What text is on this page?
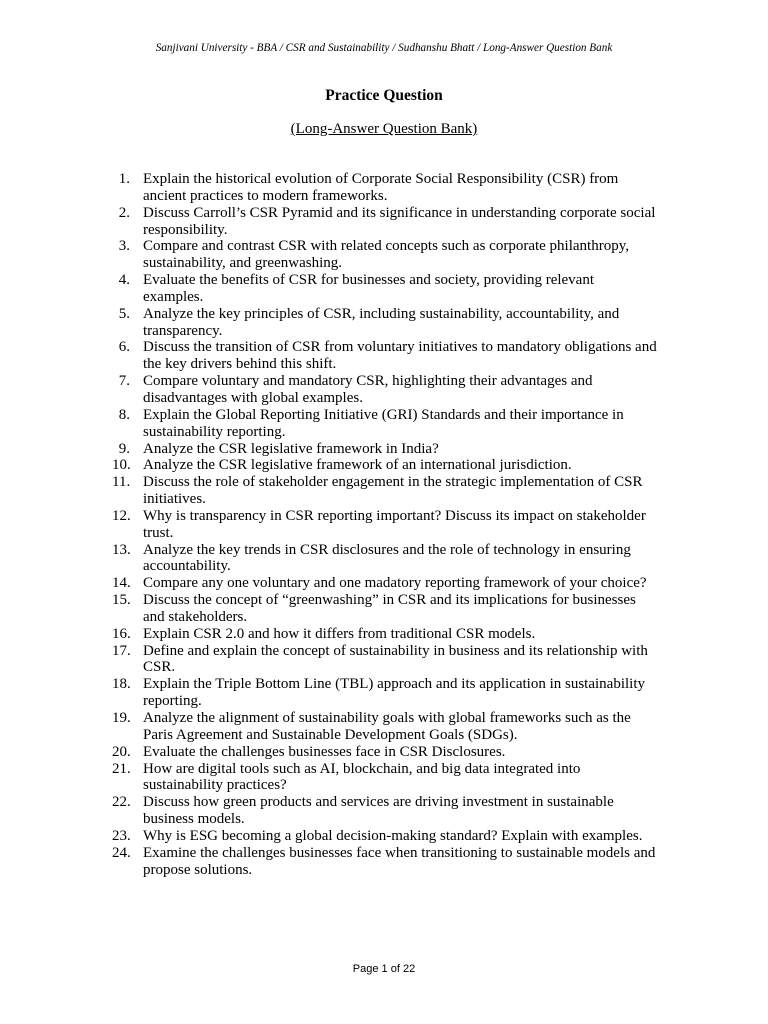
Sanjivani University - BBA / CSR and Sustainability / Sudhanshu Bhatt / Long-Answer Question Bank
Practice Question
(Long-Answer Question Bank)
1. Explain the historical evolution of Corporate Social Responsibility (CSR) from ancient practices to modern frameworks.
2. Discuss Carroll’s CSR Pyramid and its significance in understanding corporate social responsibility.
3. Compare and contrast CSR with related concepts such as corporate philanthropy, sustainability, and greenwashing.
4. Evaluate the benefits of CSR for businesses and society, providing relevant examples.
5. Analyze the key principles of CSR, including sustainability, accountability, and transparency.
6. Discuss the transition of CSR from voluntary initiatives to mandatory obligations and the key drivers behind this shift.
7. Compare voluntary and mandatory CSR, highlighting their advantages and disadvantages with global examples.
8. Explain the Global Reporting Initiative (GRI) Standards and their importance in sustainability reporting.
9. Analyze the CSR legislative framework in India?
10. Analyze the CSR legislative framework of an international jurisdiction.
11. Discuss the role of stakeholder engagement in the strategic implementation of CSR initiatives.
12. Why is transparency in CSR reporting important? Discuss its impact on stakeholder trust.
13. Analyze the key trends in CSR disclosures and the role of technology in ensuring accountability.
14. Compare any one voluntary and one madatory reporting framework of your choice?
15. Discuss the concept of “greenwashing” in CSR and its implications for businesses and stakeholders.
16. Explain CSR 2.0 and how it differs from traditional CSR models.
17. Define and explain the concept of sustainability in business and its relationship with CSR.
18. Explain the Triple Bottom Line (TBL) approach and its application in sustainability reporting.
19. Analyze the alignment of sustainability goals with global frameworks such as the Paris Agreement and Sustainable Development Goals (SDGs).
20. Evaluate the challenges businesses face in CSR Disclosures.
21. How are digital tools such as AI, blockchain, and big data integrated into sustainability practices?
22. Discuss how green products and services are driving investment in sustainable business models.
23. Why is ESG becoming a global decision-making standard? Explain with examples.
24. Examine the challenges businesses face when transitioning to sustainable models and propose solutions.
Page 1 of 22
